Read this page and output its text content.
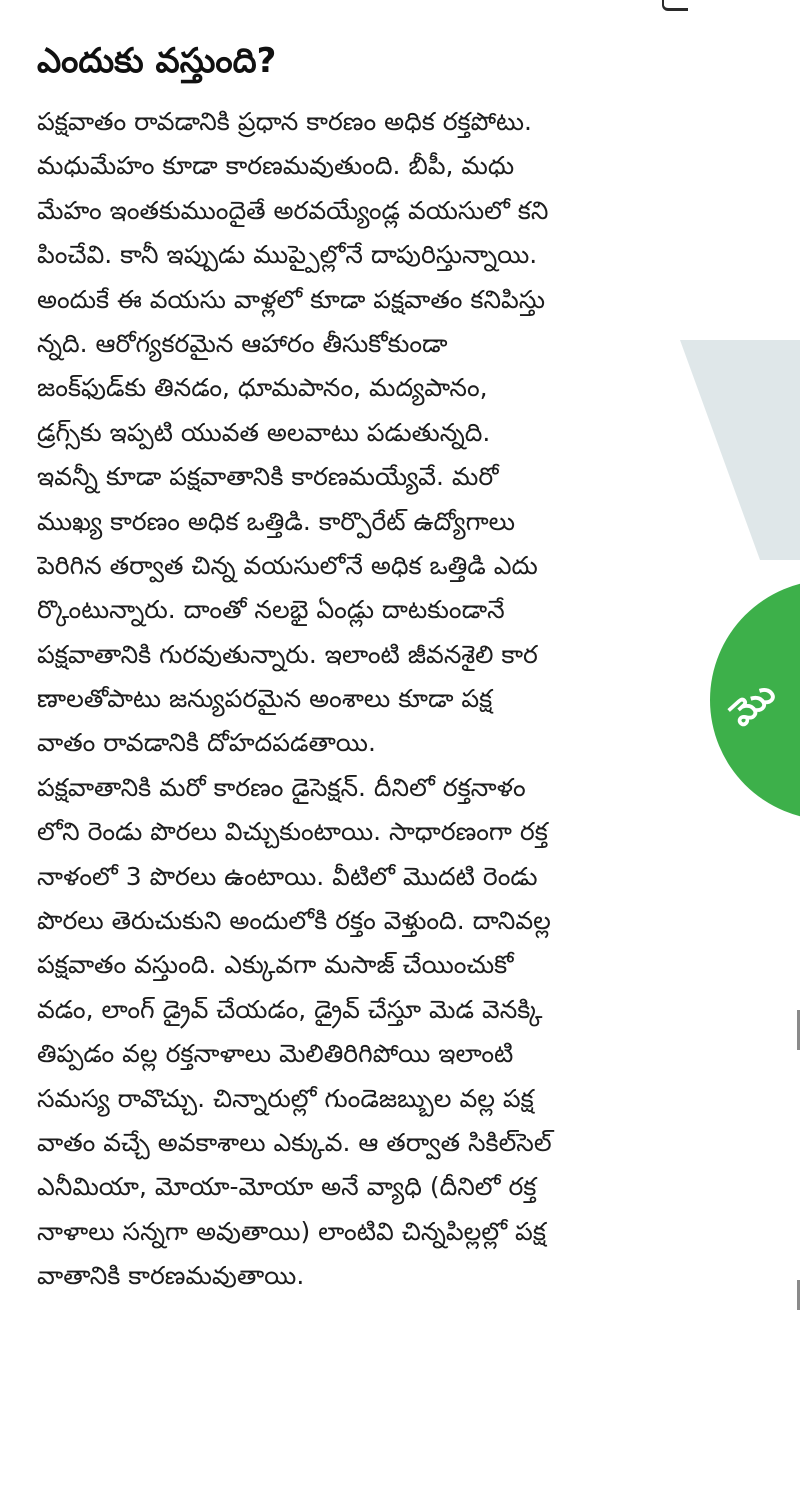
ఎందుకు వస్తుంది?
పక్షవాతం రావడానికి ప్రధాన కారణం అధిక రక్తపోటు.
మధుమేహం కూడా కారణమవుతుంది. బీపీ, మధు
మేహం ఇంతకుముందైతే అరవయ్యేండ్ల వయసులో కని
పించేవి. కానీ ఇప్పుడు ముప్పైల్లోనే దాపురిస్తున్నాయి.
అందుకే ఈ వయసు వాళ్లలో కూడా పక్షవాతం కనిపిస్తు
న్నది. ఆరోగ్యకరమైన ఆహారం తీసుకోకుండా
జంక్‌ఫుడ్‌కు తినడం, ధూమపానం, మద్యపానం,
డ్రగ్స్‌కు ఇప్పటి యువత అలవాటు పడుతున్నది.
ఇవన్నీ కూడా పక్షవాతానికి కారణమయ్యేవే. మరో
ముఖ్య కారణం అధిక ఒత్తిడి. కార్పొరేట్ ఉద్యోగాలు
పెరిగిన తర్వాత చిన్న వయసులోనే అధిక ఒత్తిడి ఎదు
ర్కొంటున్నారు. దాంతో నలభై ఏండ్లు దాటకుండానే
పక్షవాతానికి గురవుతున్నారు. ఇలాంటి జీవనశైలి కార
ణాలతోపాటు జన్యుపరమైన అంశాలు కూడా పక్ష
వాతం రావడానికి దోహదపడతాయి.
పక్షవాతానికి మరో కారణం డైసెక్షన్. దీనిలో రక్తనాళం
లోని రెండు పొరలు విచ్చుకుంటాయి. సాధారణంగా రక్త
నాళంలో 3 పొరలు ఉంటాయి. వీటిలో మొదటి రెండు
పొరలు తెరుచుకుని అందులోకి రక్తం వెళ్తుంది. దానివల్ల
పక్షవాతం వస్తుంది. ఎక్కువగా మసాజ్ చేయించుకో
వడం, లాంగ్ డ్రైవ్ చేయడం, డ్రైవ్ చేస్తూ మెడ వెనక్కి
తిప్పడం వల్ల రక్తనాళాలు మెలితిరిగిపోయి ఇలాంటి
సమస్య రావొచ్చు. చిన్నారుల్లో గుండెజబ్బుల వల్ల పక్ష
వాతం వచ్చే అవకాశాలు ఎక్కువ. ఆ తర్వాత సికిల్‌సెల్
ఎనీమియా, మోయా-మోయా అనే వ్యాధి (దీనిలో రక్త
నాళాలు సన్నగా అవుతాయి) లాంటివి చిన్నపిల్లల్లో పక్ష
వాతానికి కారణమవుతాయి.
మొ
